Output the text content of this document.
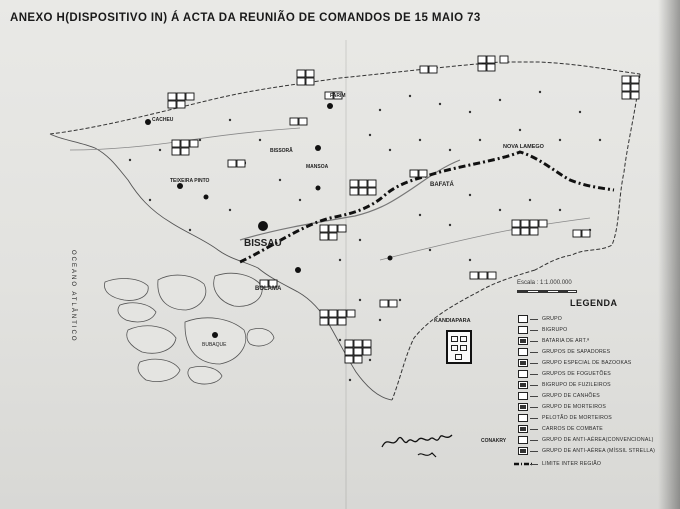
ANEXO H(DISPOSITIVO IN) Á ACTA DA REUNIÃO DE COMANDOS DE 15 MAIO 73
BISSAU
BOLAMA
BUBAQUE
BAFATÁ
NOVA LAMEGO
TEIXEIRA PINTO
MANSOA
FARIM
BISSORÃ
CACHEU
OCEANO ATLÂNTICO	Escala : 1:1.000.000
KANDIAPARA
CONAKRY
LEGENDA
GRUPO
BIGRUPO
BATARIA DE ART.ª
GRUPOS DE SAPADORES
GRUPO ESPECIAL DE BAZOOKAS
GRUPOS DE FOGUETÕES
BIGRUPO DE FUZILEIROS
GRUPO DE CANHÕES
GRUPO DE MORTEIROS
PELOTÃO DE MORTEIROS
CARROS DE COMBATE
GRUPO DE ANTI-AÉREA(CONVENCIONAL)
GRUPO DE ANTI-AÉREA (MÍSSIL STRELLA)
LIMITE INTER REGIÃO
